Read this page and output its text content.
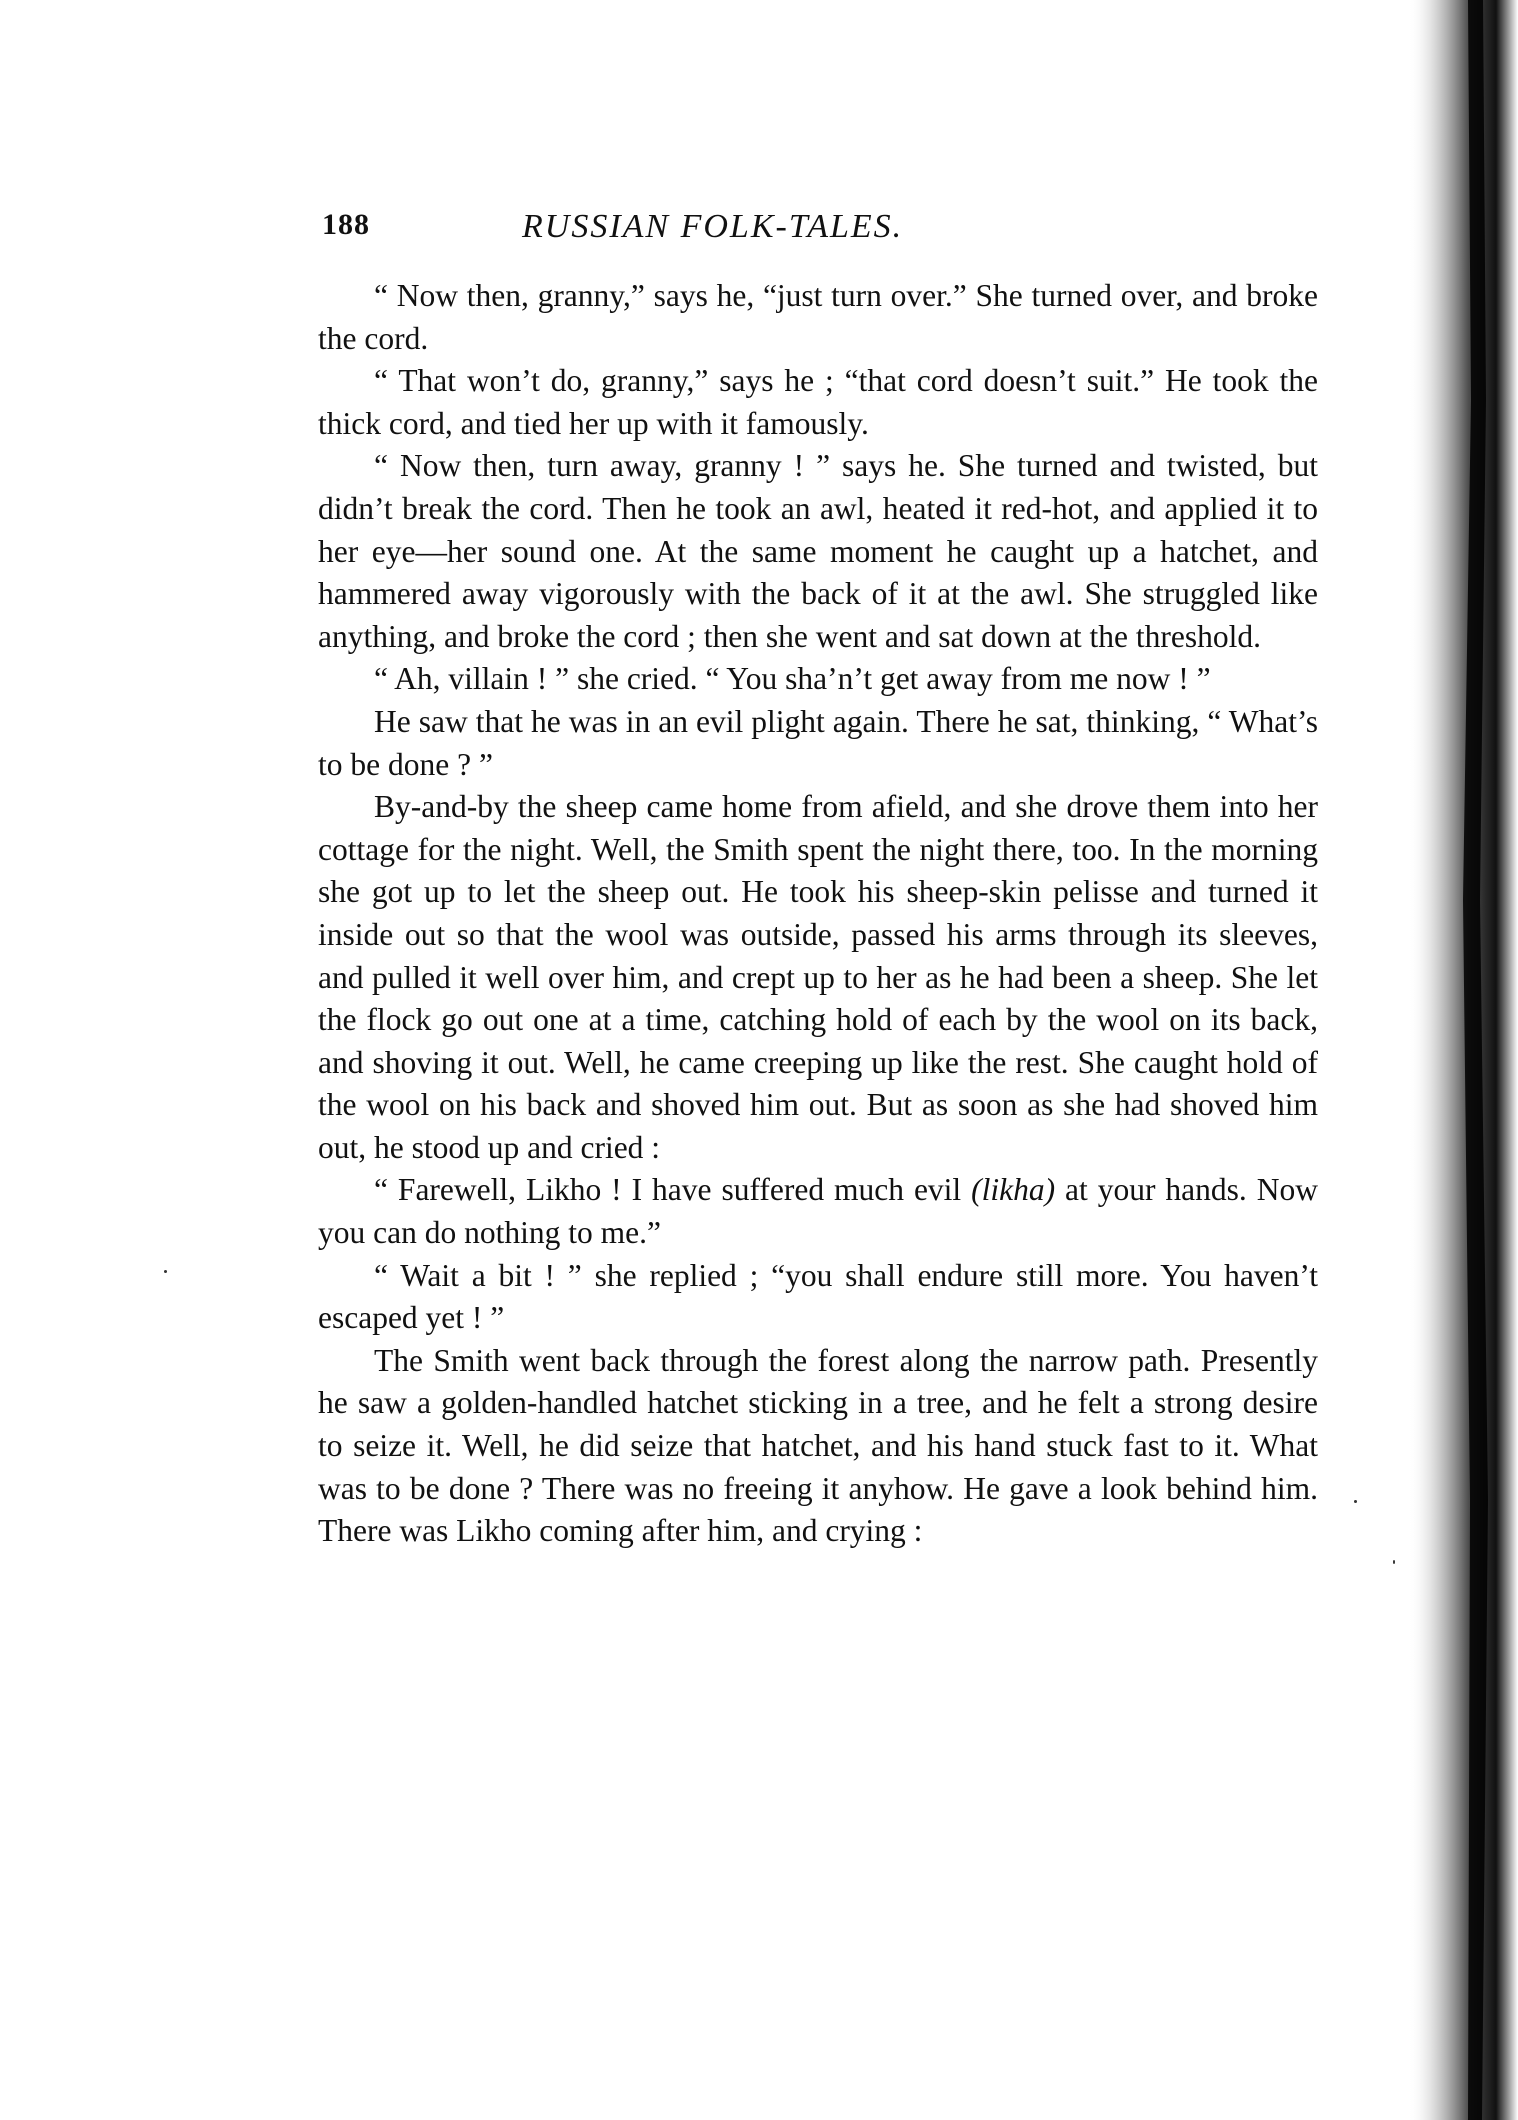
188	RUSSIAN FOLK-TALES.

“ Now then, granny,” says he, “just turn over.” She turned over, and broke the cord.

“ That won’t do, granny,” says he ; “that cord doesn’t suit.” He took the thick cord, and tied her up with it famously.

“ Now then, turn away, granny ! ” says he. She turned and twisted, but didn’t break the cord. Then he took an awl, heated it red-hot, and applied it to her eye—her sound one. At the same moment he caught up a hatchet, and hammered away vigorously with the back of it at the awl. She struggled like anything, and broke the cord ; then she went and sat down at the threshold.

“ Ah, villain ! ” she cried. “ You sha’n’t get away from me now ! ”

He saw that he was in an evil plight again. There he sat, thinking, “ What’s to be done ? ”

By-and-by the sheep came home from afield, and she drove them into her cottage for the night. Well, the Smith spent the night there, too. In the morning she got up to let the sheep out. He took his sheep-skin pelisse and turned it inside out so that the wool was outside, passed his arms through its sleeves, and pulled it well over him, and crept up to her as he had been a sheep. She let the flock go out one at a time, catching hold of each by the wool on its back, and shoving it out. Well, he came creeping up like the rest. She caught hold of the wool on his back and shoved him out. But as soon as she had shoved him out, he stood up and cried :

“ Farewell, Likho ! I have suffered much evil (likha) at your hands. Now you can do nothing to me.”

“ Wait a bit ! ” she replied ; “you shall endure still more. You haven’t escaped yet ! ”

The Smith went back through the forest along the narrow path. Presently he saw a golden-handled hatchet sticking in a tree, and he felt a strong desire to seize it. Well, he did seize that hatchet, and his hand stuck fast to it. What was to be done ? There was no freeing it anyhow. He gave a look behind him. There was Likho coming after him, and crying :
